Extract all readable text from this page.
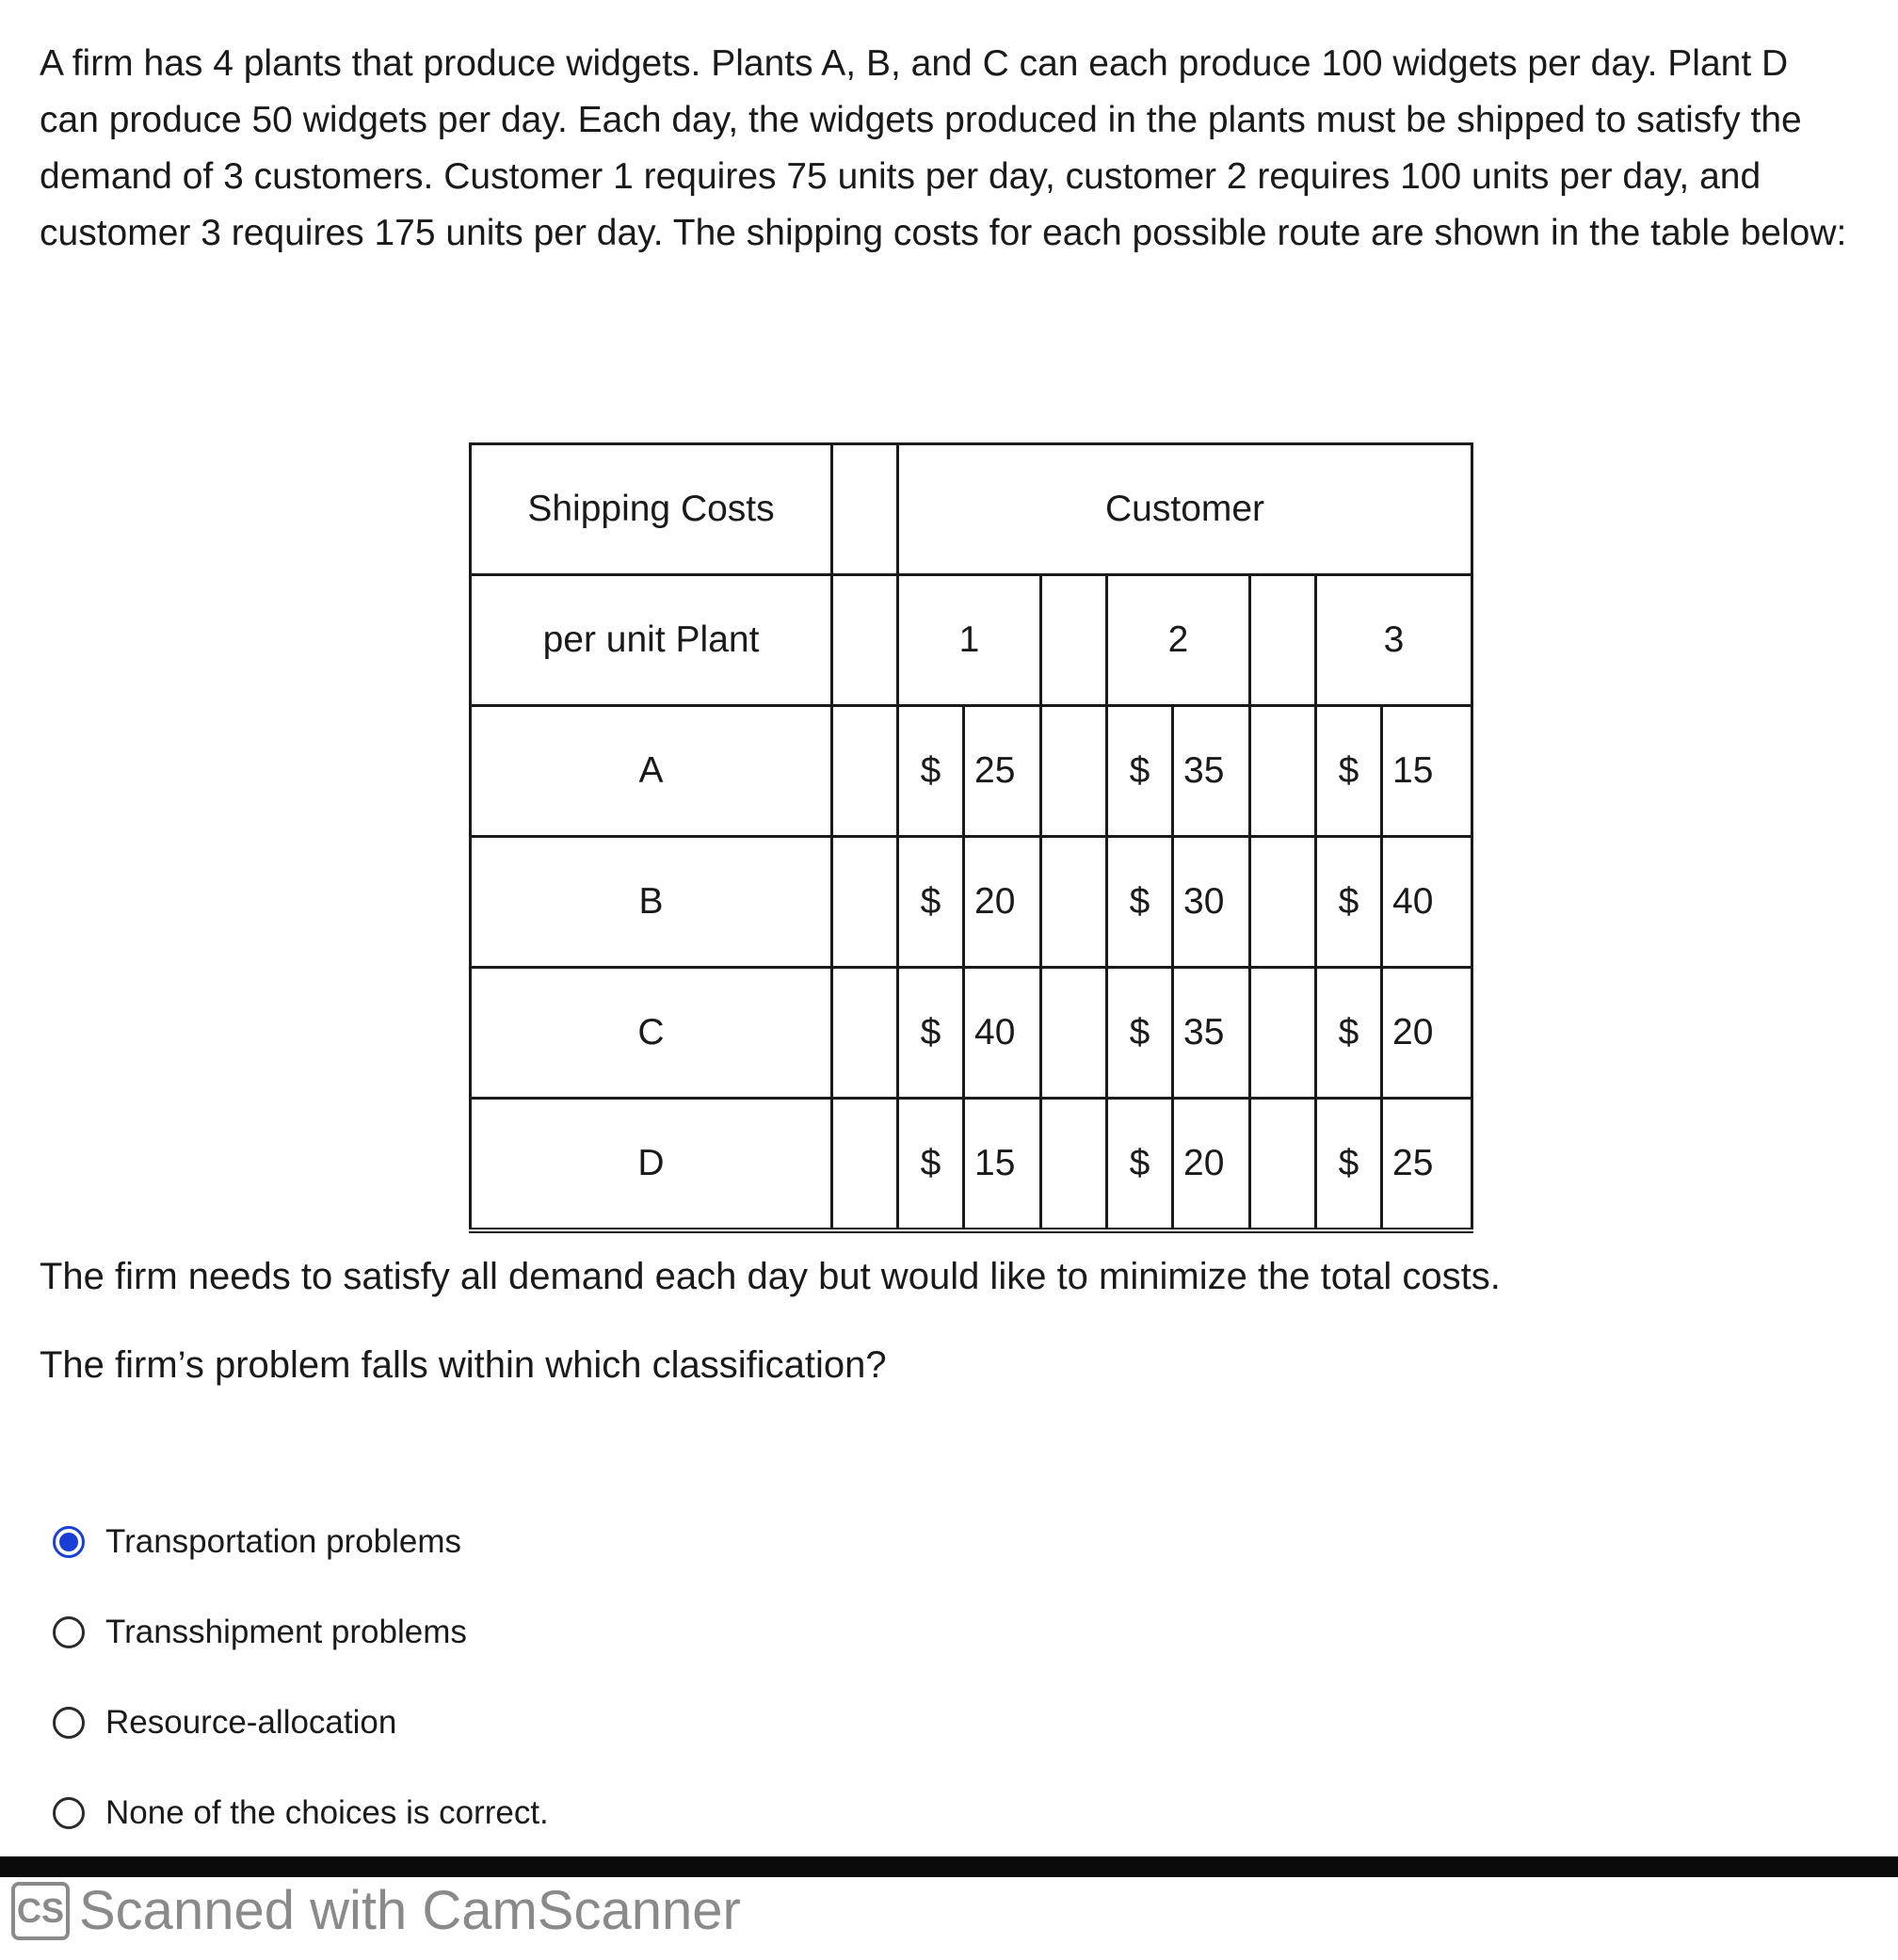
A firm has 4 plants that produce widgets. Plants A, B, and C can each produce 100 widgets per day. Plant D can produce 50 widgets per day. Each day, the widgets produced in the plants must be shipped to satisfy the demand of 3 customers. Customer 1 requires 75 units per day, customer 2 requires 100 units per day, and customer 3 requires 175 units per day. The shipping costs for each possible route are shown in the table below:

Shipping Costs		Customer							
per unit Plant		1			2			3	
A		$	25		$	35		$	15
B		$	20		$	30		$	40
C		$	40		$	35		$	20
D		$	15		$	20		$	25

The firm needs to satisfy all demand each day but would like to minimize the total costs.

The firm’s problem falls within which classification?

Transportation problems
Transshipment problems
Resource-allocation
None of the choices is correct.
CS Scanned with CamScanner
